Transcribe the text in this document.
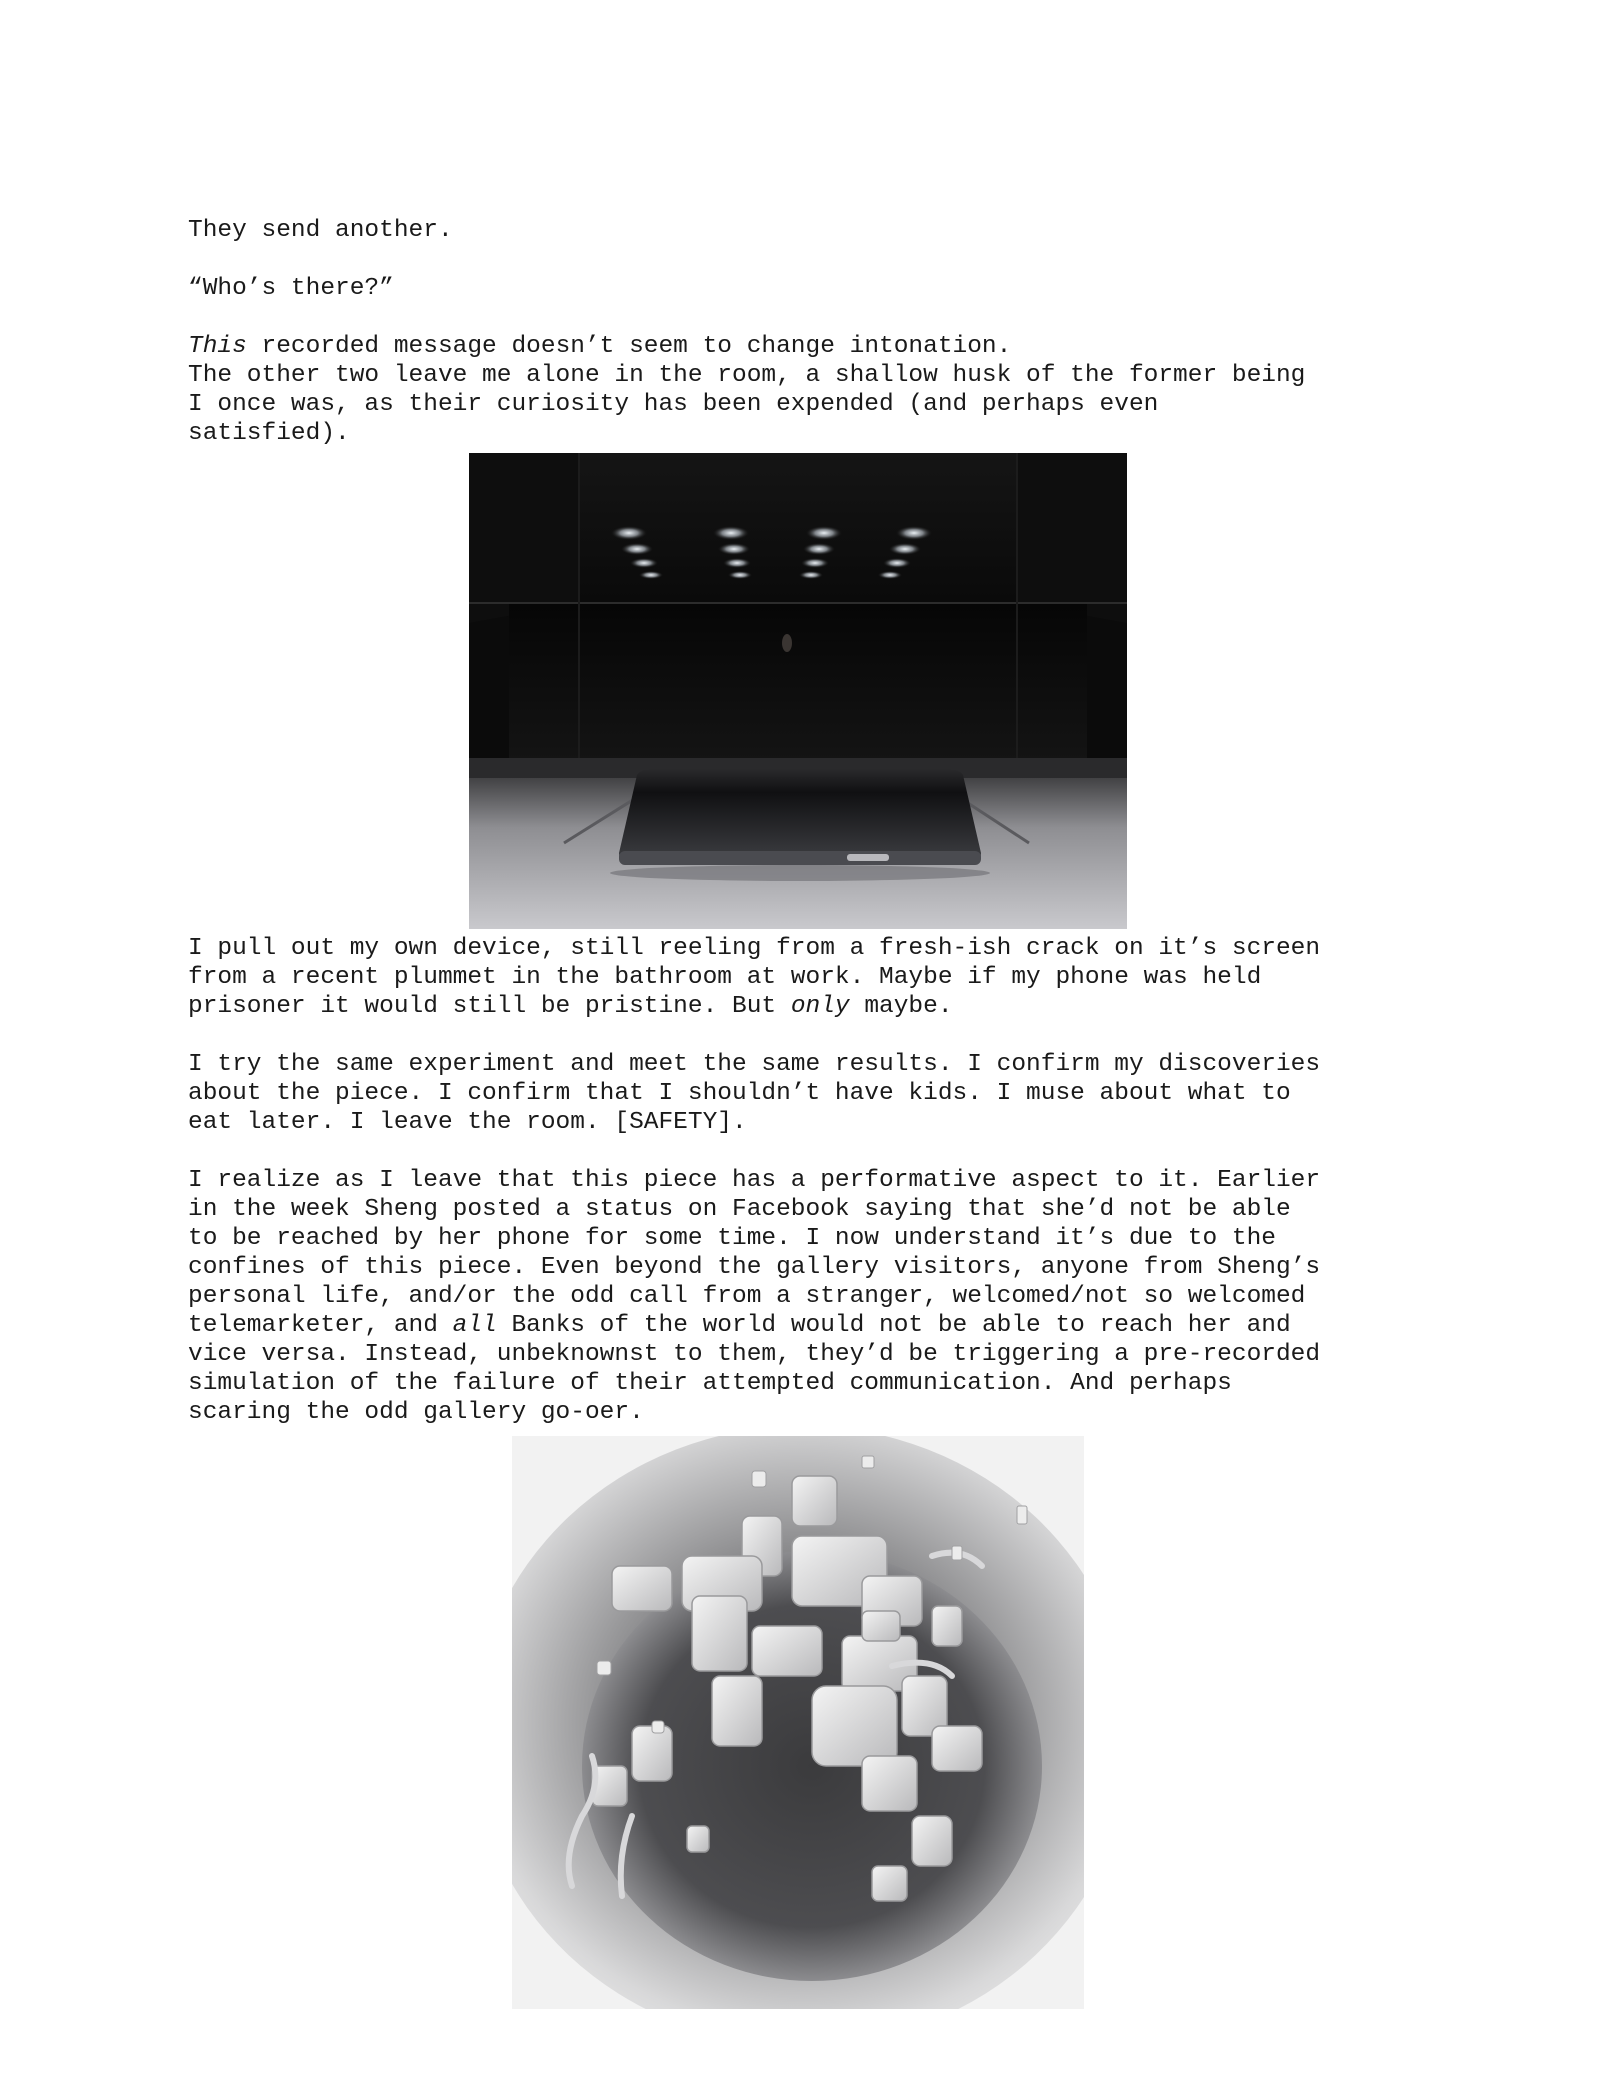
They send another.

“Who’s there?”

This recorded message doesn’t seem to change intonation.
The other two leave me alone in the room, a shallow husk of the former being
I once was, as their curiosity has been expended (and perhaps even
satisfied).

I pull out my own device, still reeling from a fresh-ish crack on it’s screen
from a recent plummet in the bathroom at work. Maybe if my phone was held
prisoner it would still be pristine. But only maybe.

I try the same experiment and meet the same results. I confirm my discoveries
about the piece. I confirm that I shouldn’t have kids. I muse about what to
eat later. I leave the room. [SAFETY].

I realize as I leave that this piece has a performative aspect to it. Earlier
in the week Sheng posted a status on Facebook saying that she’d not be able
to be reached by her phone for some time. I now understand it’s due to the
confines of this piece. Even beyond the gallery visitors, anyone from Sheng’s
personal life, and/or the odd call from a stranger, welcomed/not so welcomed
telemarketer, and all Banks of the world would not be able to reach her and
vice versa. Instead, unbeknownst to them, they’d be triggering a pre-recorded
simulation of the failure of their attempted communication. And perhaps
scaring the odd gallery go-oer.
